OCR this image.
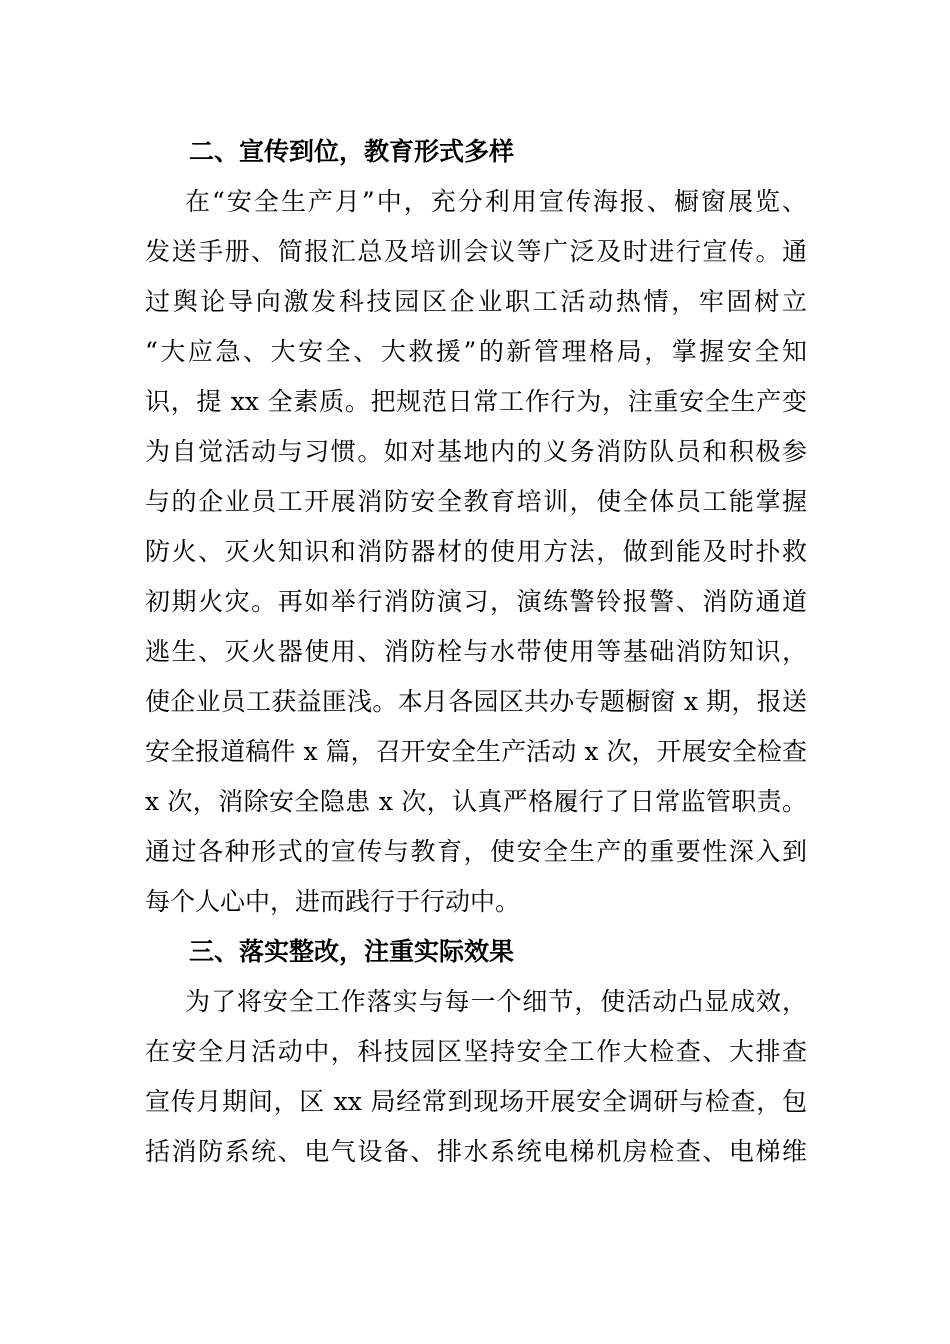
二、宣传到位，教育形式多样
在“安全生产月”中，充分利用宣传海报、橱窗展览、
发送手册、简报汇总及培训会议等广泛及时进行宣传。通
过舆论导向激发科技园区企业职工活动热情，牢固树立
“大应急、大安全、大救援”的新管理格局，掌握安全知
识，提 xx 全素质。把规范日常工作行为，注重安全生产变
为自觉活动与习惯。如对基地内的义务消防队员和积极参
与的企业员工开展消防安全教育培训，使全体员工能掌握
防火、灭火知识和消防器材的使用方法，做到能及时扑救
初期火灾。再如举行消防演习，演练警铃报警、消防通道
逃生、灭火器使用、消防栓与水带使用等基础消防知识，
使企业员工获益匪浅。本月各园区共办专题橱窗 x 期，报送
安全报道稿件 x 篇，召开安全生产活动 x 次，开展安全检查
x 次，消除安全隐患 x 次，认真严格履行了日常监管职责。
通过各种形式的宣传与教育，使安全生产的重要性深入到
每个人心中，进而践行于行动中。
三、落实整改，注重实际效果
为了将安全工作落实与每一个细节，使活动凸显成效，
在安全月活动中，科技园区坚持安全工作大检查、大排查
宣传月期间，区 xx 局经常到现场开展安全调研与检查，包
括消防系统、电气设备、排水系统电梯机房检查、电梯维
